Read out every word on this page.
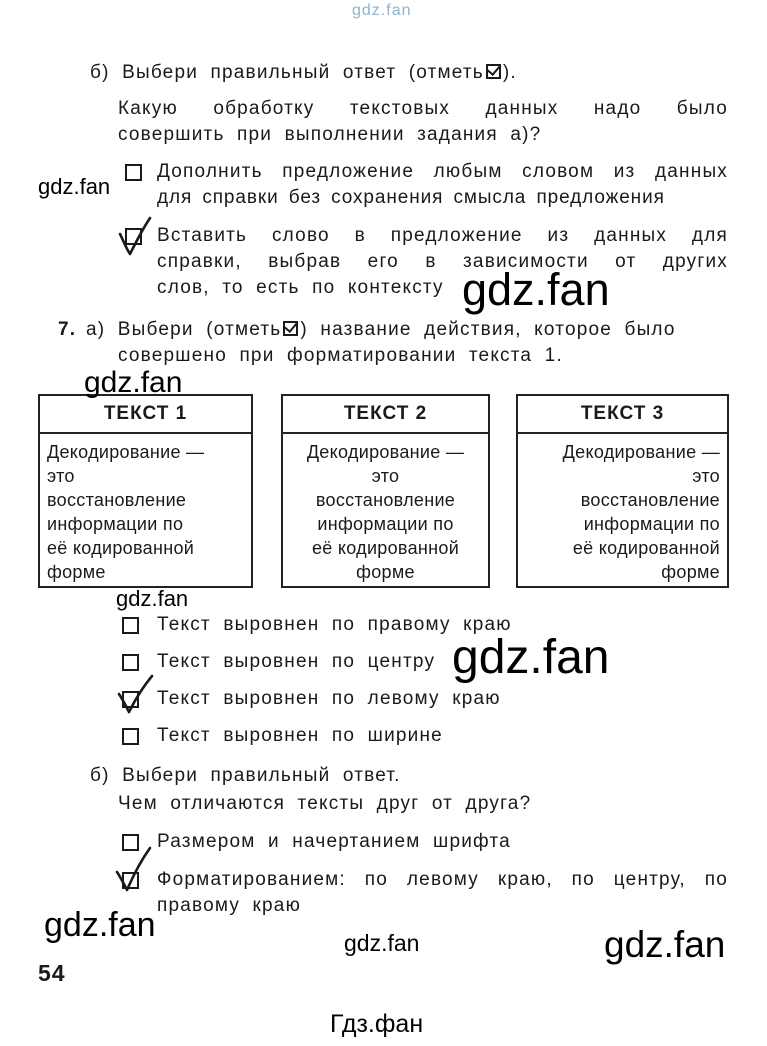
gdz.fan
б) Выбери правильный ответ (отметь ).
Какую обработку текстовых данных надо было
совершить при выполнении задания а)?
Дополнить предложение любым словом из данных
для справки без сохранения смысла предложения
Вставить слово в предложение из данных для
справки, выбрав его в зависимости от других
слов, то есть по контексту
7. а) Выбери (отметь ) название действия, которое было
совершено при форматировании текста 1.
ТЕКСТ 1
Декодирование —
это
восстановление
информации по
её кодированной
форме
ТЕКСТ 2
Декодирование —
это
восстановление
информации по
её кодированной
форме
ТЕКСТ 3
Декодирование —
это
восстановление
информации по
её кодированной
форме
Текст выровнен по правому краю
Текст выровнен по центру
Текст выровнен по левому краю
Текст выровнен по ширине
б) Выбери правильный ответ.
Чем отличаются тексты друг от друга?
Размером и начертанием шрифта
Форматированием: по левому краю, по центру, по
правому краю
54
gdz.fan
gdz.fan
gdz.fan
gdz.fan
gdz.fan
gdz.fan	gdz.fan	gdz.fan
Гдз.фан
